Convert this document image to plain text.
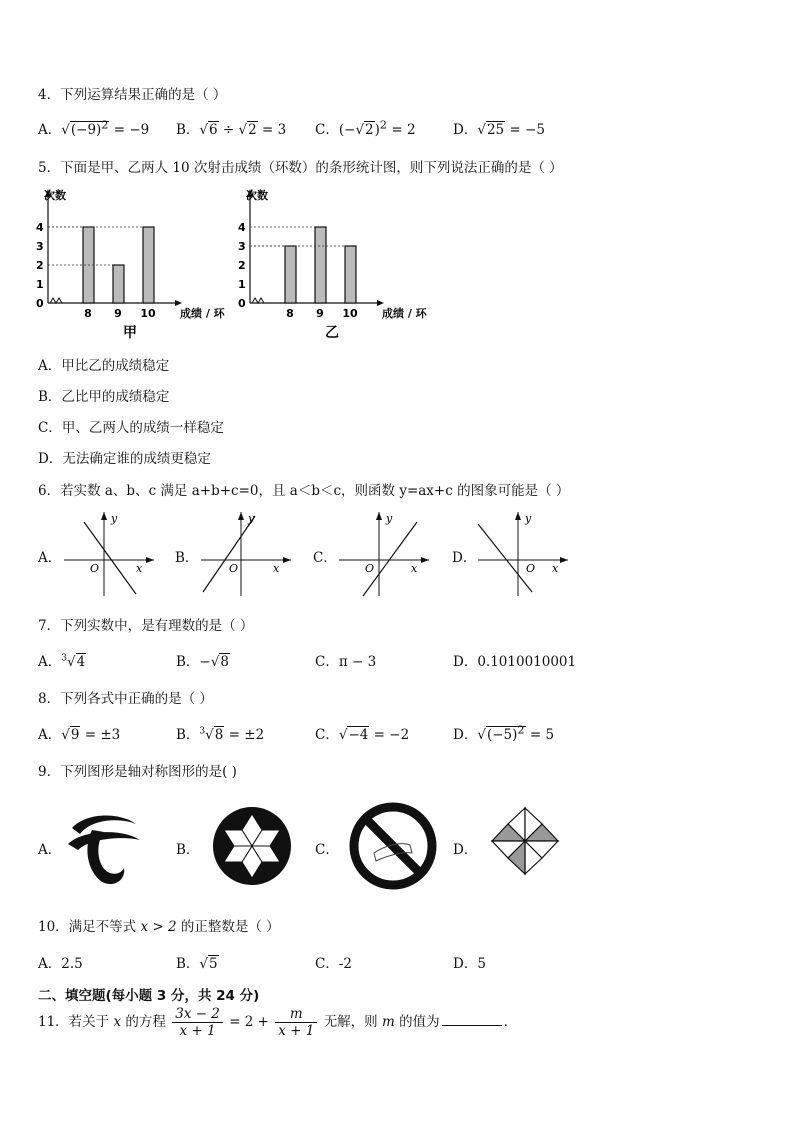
4．下列运算结果正确的是（ ）
A．$√(-9)^2 = -9$ B．√6 ÷ √2 = 3 C．$(-√2)^2 = 2$	D．√25 = −5
5．下面是甲、乙两人 10 次射击成绩（环数）的条形统计图，则下列说法正确的是（ ）
次数
0
1
2
3
4
8 9 10 成绩 / 环
甲
次数
0
1
2
3
4
8 9 10 成绩 / 环
乙
A．甲比乙的成绩稳定
B．乙比甲的成绩稳定
C．甲、乙两人的成绩一样稳定
D．无法确定谁的成绩更稳定
6．若实数 a、b、c 满足 a+b+c=0，且 a＜b＜c，则函数 y=ax+c 的图象可能是（ ）
A．
y
x
O
B．
y
x
O
C．
y
x
O
D．
y
x
O
7．下列实数中，是有理数的是（ ）
A．$^3$√4	B．−√8	C．π − 3	D．0.1010010001
8．下列各式中正确的是（ ）
A．√9 = ±3	B．$^3$√8 = ±2	C．√−4 = −2	D．$√(-5)^2 = 5$
9．下列图形是轴对称图形的是( )
A．	B．	C．	D．
10．满足不等式 x > 2 的正整数是（ ）
A．2.5	B．√5	C．-2	D．5
二、填空题(每小题 3 分，共 24 分)
11．若关于 x 的方程 $\frac{3x - 2}{x + 1} = 2 + \frac{m}{x + 1}$ 无解，则 m 的值为	．
